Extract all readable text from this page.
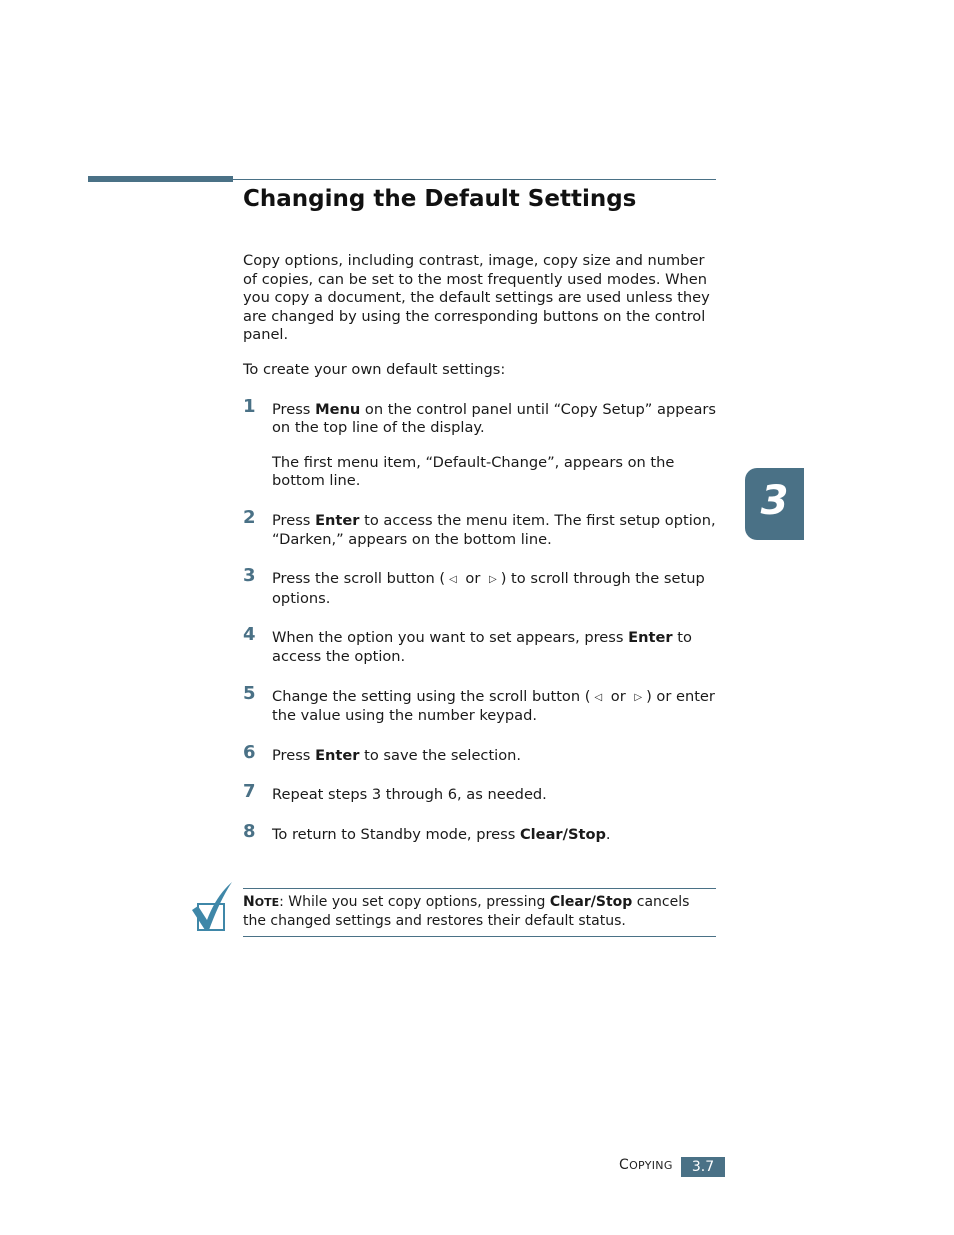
Changing the Default Settings

Copy options, including contrast, image, copy size and number of copies, can be set to the most frequently used modes. When you copy a document, the default settings are used unless they are changed by using the corresponding buttons on the control panel.

To create your own default settings:

1 Press Menu on the control panel until “Copy Setup” appears on the top line of the display.

The first menu item, “Default-Change”, appears on the bottom line.

2 Press Enter to access the menu item. The first setup option, “Darken,” appears on the bottom line.

3 Press the scroll button ( ◁ or ▷ ) to scroll through the setup options.

4 When the option you want to set appears, press Enter to access the option.

5 Change the setting using the scroll button ( ◁ or ▷ ) or enter the value using the number keypad.

6 Press Enter to save the selection.

7 Repeat steps 3 through 6, as needed.

8 To return to Standby mode, press Clear/Stop.

NOTE: While you set copy options, pressing Clear/Stop cancels the changed settings and restores their default status.
3
COPYING	3.7
